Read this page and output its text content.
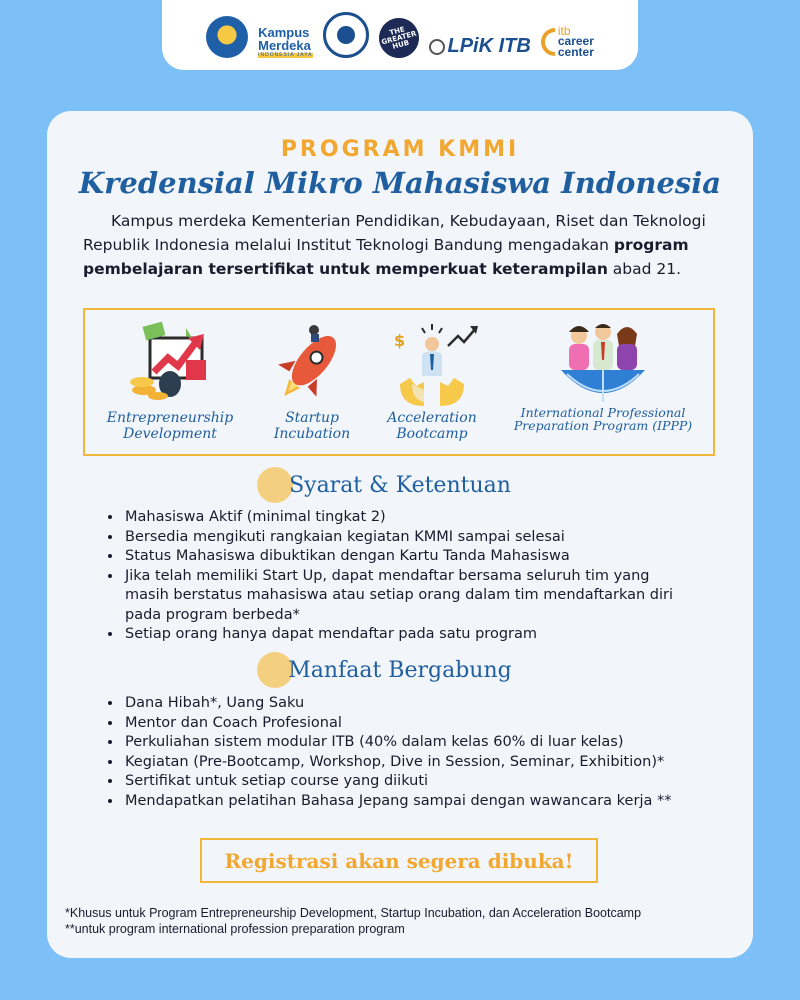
Kampus
Merdeka
INDONESIA JAYA
THE GREATER HUB	LPiK ITB
itb
career
center
PROGRAM KMMI
Kredensial Mikro Mahasiswa Indonesia
Kampus merdeka Kementerian Pendidikan, Kebudayaan, Riset dan Teknologi Republik Indonesia melalui Institut Teknologi Bandung mengadakan program pembelajaran tersertifikat untuk memperkuat keterampilan abad 21.
Entrepreneurship Development
Startup Incubation
$
Acceleration Bootcamp
International Professional Preparation Program (IPPP)
Syarat & Ketentuan
• Mahasiswa Aktif (minimal tingkat 2)
• Bersedia mengikuti rangkaian kegiatan KMMI sampai selesai
• Status Mahasiswa dibuktikan dengan Kartu Tanda Mahasiswa
• Jika telah memiliki Start Up, dapat mendaftar bersama seluruh tim yang masih berstatus mahasiswa atau setiap orang dalam tim mendaftarkan diri pada program berbeda*
• Setiap orang hanya dapat mendaftar pada satu program
Manfaat Bergabung
• Dana Hibah*, Uang Saku
• Mentor dan Coach Profesional
• Perkuliahan sistem modular ITB (40% dalam kelas 60% di luar kelas)
• Kegiatan (Pre-Bootcamp, Workshop, Dive in Session, Seminar, Exhibition)*
• Sertifikat untuk setiap course yang diikuti
• Mendapatkan pelatihan Bahasa Jepang sampai dengan wawancara kerja **
Registrasi akan segera dibuka!
*Khusus untuk Program Entrepreneurship Development, Startup Incubation, dan Acceleration Bootcamp
**untuk program international profession preparation program
